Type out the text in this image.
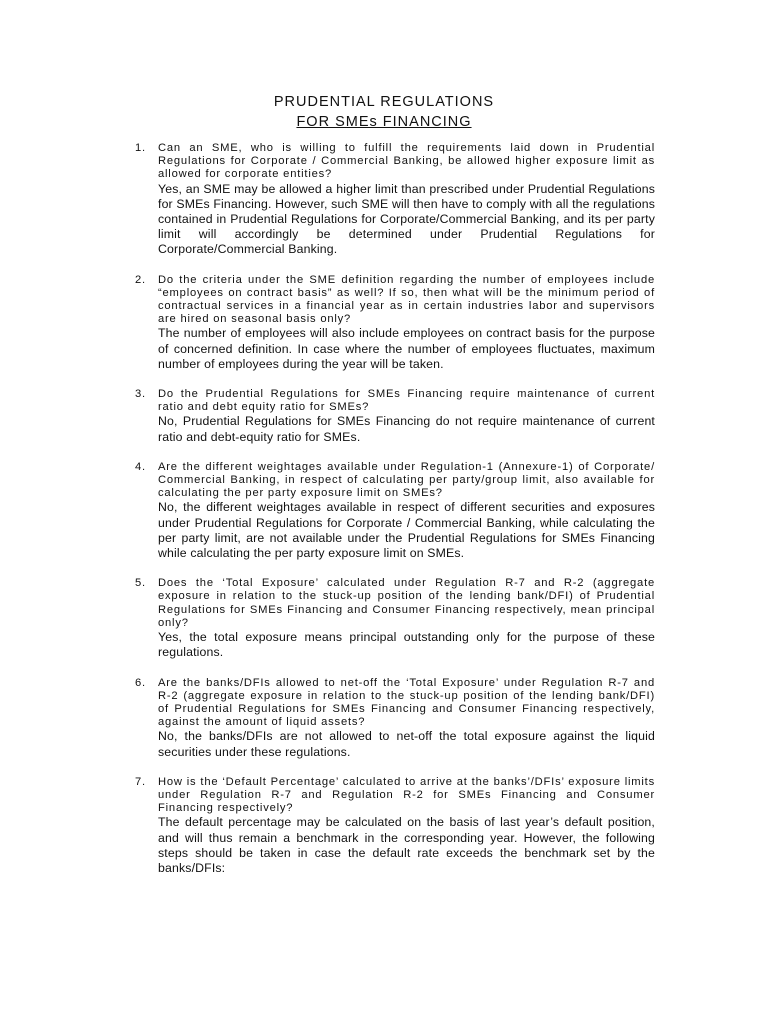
PRUDENTIAL REGULATIONS

FOR SMEs FINANCING

1. Can an SME, who is willing to fulfill the requirements laid down in Prudential Regulations for Corporate / Commercial Banking, be allowed higher exposure limit as allowed for corporate entities?

Yes, an SME may be allowed a higher limit than prescribed under Prudential Regulations for SMEs Financing. However, such SME will then have to comply with all the regulations contained in Prudential Regulations for Corporate/Commercial Banking, and its per party limit will accordingly be determined under Prudential Regulations for Corporate/Commercial Banking.

2. Do the criteria under the SME definition regarding the number of employees include “employees on contract basis” as well? If so, then what will be the minimum period of contractual services in a financial year as in certain industries labor and supervisors are hired on seasonal basis only?

The number of employees will also include employees on contract basis for the purpose of concerned definition. In case where the number of employees fluctuates, maximum number of employees during the year will be taken.

3. Do the Prudential Regulations for SMEs Financing require maintenance of current ratio and debt equity ratio for SMEs?

No, Prudential Regulations for SMEs Financing do not require maintenance of current ratio and debt-equity ratio for SMEs.

4. Are the different weightages available under Regulation-1 (Annexure-1) of Corporate/ Commercial Banking, in respect of calculating per party/group limit, also available for calculating the per party exposure limit on SMEs?

No, the different weightages available in respect of different securities and exposures under Prudential Regulations for Corporate / Commercial Banking, while calculating the per party limit, are not available under the Prudential Regulations for SMEs Financing while calculating the per party exposure limit on SMEs.

5. Does the ‘Total Exposure’ calculated under Regulation R-7 and R-2 (aggregate exposure in relation to the stuck-up position of the lending bank/DFI) of Prudential Regulations for SMEs Financing and Consumer Financing respectively, mean principal only?

Yes, the total exposure means principal outstanding only for the purpose of these regulations.

6. Are the banks/DFIs allowed to net-off the ‘Total Exposure’ under Regulation R-7 and R-2 (aggregate exposure in relation to the stuck-up position of the lending bank/DFI) of Prudential Regulations for SMEs Financing and Consumer Financing respectively, against the amount of liquid assets?

No, the banks/DFIs are not allowed to net-off the total exposure against the liquid securities under these regulations.

7. How is the ‘Default Percentage’ calculated to arrive at the banks’/DFIs’ exposure limits under Regulation R-7 and Regulation R-2 for SMEs Financing and Consumer Financing respectively?

The default percentage may be calculated on the basis of last year’s default position, and will thus remain a benchmark in the corresponding year. However, the following steps should be taken in case the default rate exceeds the benchmark set by the banks/DFIs:
